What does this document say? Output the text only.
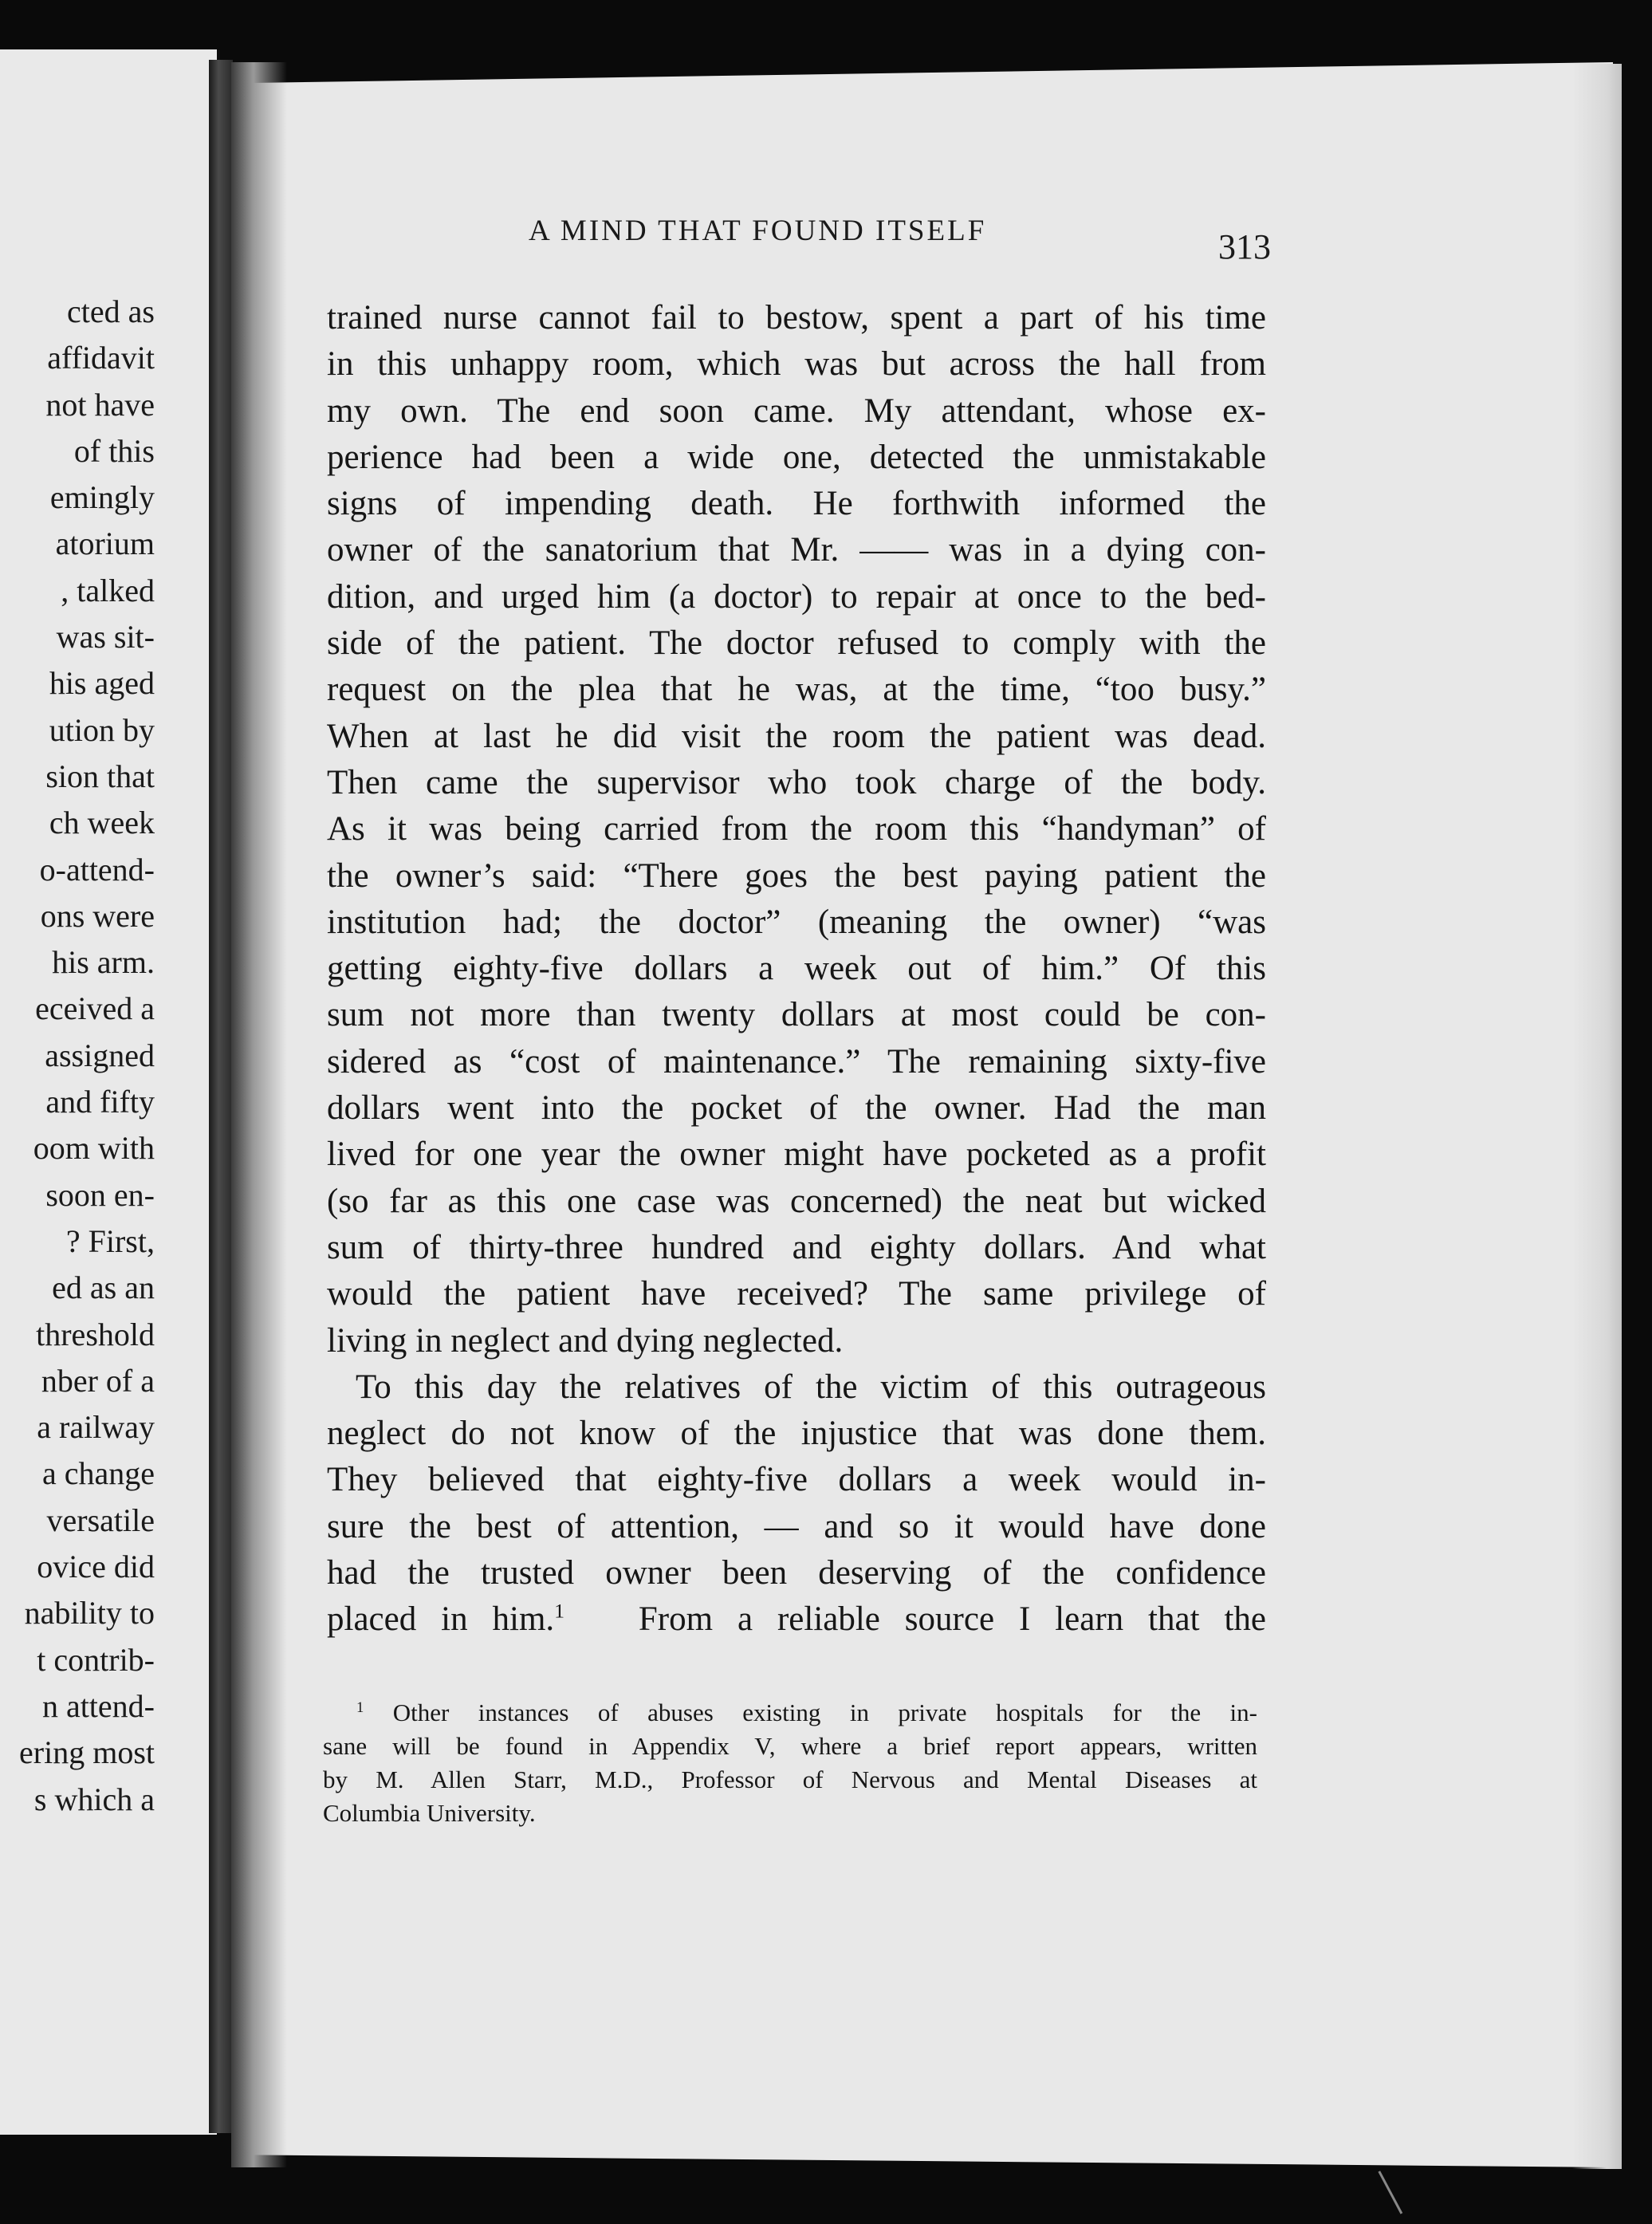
cted as
affidavit
not have
of this
emingly
atorium
, talked
was sit-
his aged
ution by
sion that
ch week
o-attend-
ons were
his arm.
eceived a
assigned
and fifty
oom with
soon en-
? First,
ed as an
threshold
nber of a
a railway
a change
versatile
ovice did
nability to
t contrib-
n attend-
ering most
s which a
A MIND THAT FOUND ITSELF	313
trained nurse cannot fail to bestow, spent a part of his time
in this unhappy room, which was but across the hall from
my own. The end soon came. My attendant, whose ex-
perience had been a wide one, detected the unmistakable
signs of impending death. He forthwith informed the
owner of the sanatorium that Mr. —— was in a dying con-
dition, and urged him (a doctor) to repair at once to the bed-
side of the patient. The doctor refused to comply with the
request on the plea that he was, at the time, “too busy.”
When at last he did visit the room the patient was dead.
Then came the supervisor who took charge of the body.
As it was being carried from the room this “handyman” of
the owner’s said: “There goes the best paying patient the
institution had; the doctor” (meaning the owner) “was
getting eighty-five dollars a week out of him.” Of this
sum not more than twenty dollars at most could be con-
sidered as “cost of maintenance.” The remaining sixty-five
dollars went into the pocket of the owner. Had the man
lived for one year the owner might have pocketed as a profit
(so far as this one case was concerned) the neat but wicked
sum of thirty-three hundred and eighty dollars. And what
would the patient have received? The same privilege of
living in neglect and dying neglected.
To this day the relatives of the victim of this outrageous
neglect do not know of the injustice that was done them.
They believed that eighty-five dollars a week would in-
sure the best of attention, — and so it would have done
had the trusted owner been deserving of the confidence
placed in him.$^1$ From a reliable source I learn that the
$^1$ Other instances of abuses existing in private hospitals for the in-
sane will be found in Appendix V, where a brief report appears, written
by M. Allen Starr, M.D., Professor of Nervous and Mental Diseases at
Columbia University.
